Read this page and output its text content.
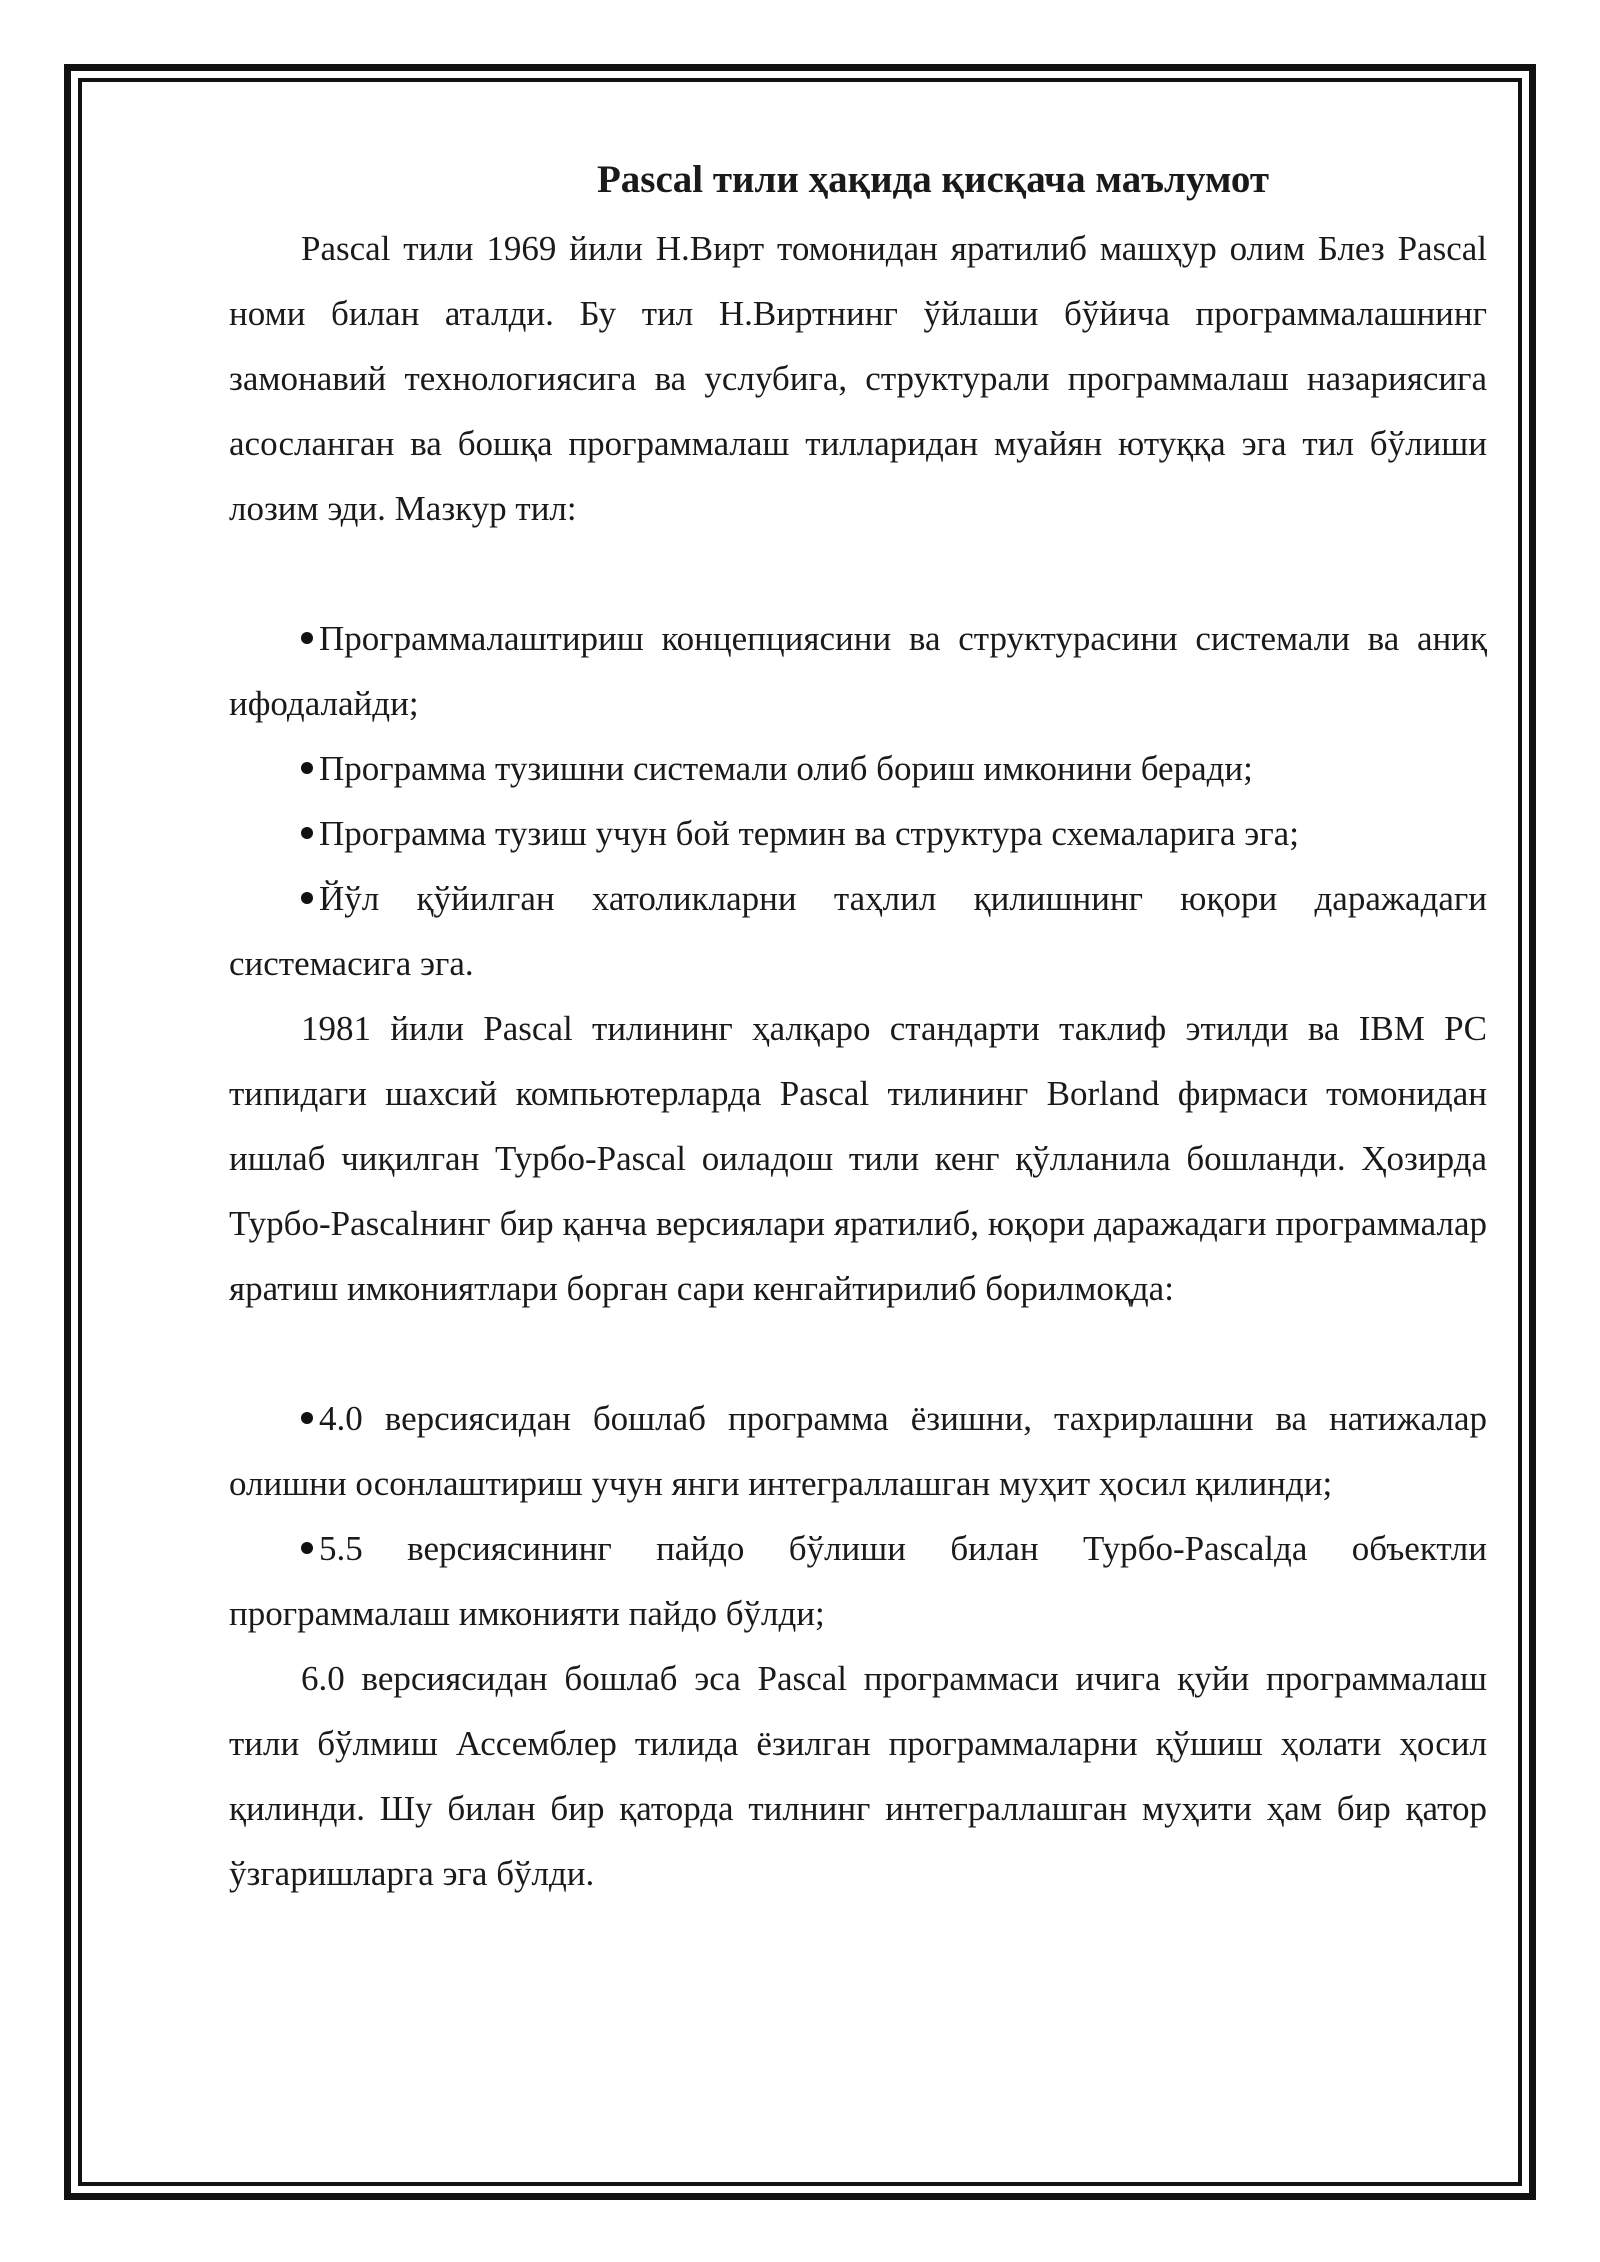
Pascal тили ҳақида қисқача маълумот

Pascal тили 1969 йили Н.Вирт томонидан яратилиб машҳур олим Блез Pascal номи билан аталди. Бу тил Н.Виртнинг ўйлаши бўйича программалашнинг замонавий технологиясига ва услубига, структурали программалаш назариясига асосланган ва бошқа программалаш тилларидан муайян ютуққа эга тил бўлиши лозим эди. Мазкур тил:

Программалаштириш концепциясини ва структурасини системали ва аниқ ифодалайди;

Программа тузишни системали олиб бориш имконини беради;

Программа тузиш учун бой термин ва структура схемаларига эга;

Йўл қўйилган хатоликларни таҳлил қилишнинг юқори даражадаги системасига эга.

1981 йили Pascal тилининг ҳалқаро стандарти таклиф этилди ва IBM PC типидаги шахсий компьютерларда Pascal тилининг Borland фирмаси томонидан ишлаб чиқилган Турбо-Pascal оиладош тили кенг қўлланила бошланди. Ҳозирда Турбо-Pascalнинг бир қанча версиялари яратилиб, юқори даражадаги программалар яратиш имкониятлари борган сари кенгайтирилиб борилмоқда:

4.0 версиясидан бошлаб программа ёзишни, тахрирлашни ва натижалар олишни осонлаштириш учун янги интеграллашган муҳит ҳосил қилинди;

5.5 версиясининг пайдо бўлиши билан Турбо-Pascalда объектли программалаш имконияти пайдо бўлди;

6.0 версиясидан бошлаб эса Pascal программаси ичига қуйи программалаш тили бўлмиш Ассемблер тилида ёзилган программаларни қўшиш ҳолати ҳосил қилинди. Шу билан бир қаторда тилнинг интеграллашган муҳити ҳам бир қатор ўзгаришларга эга бўлди.
